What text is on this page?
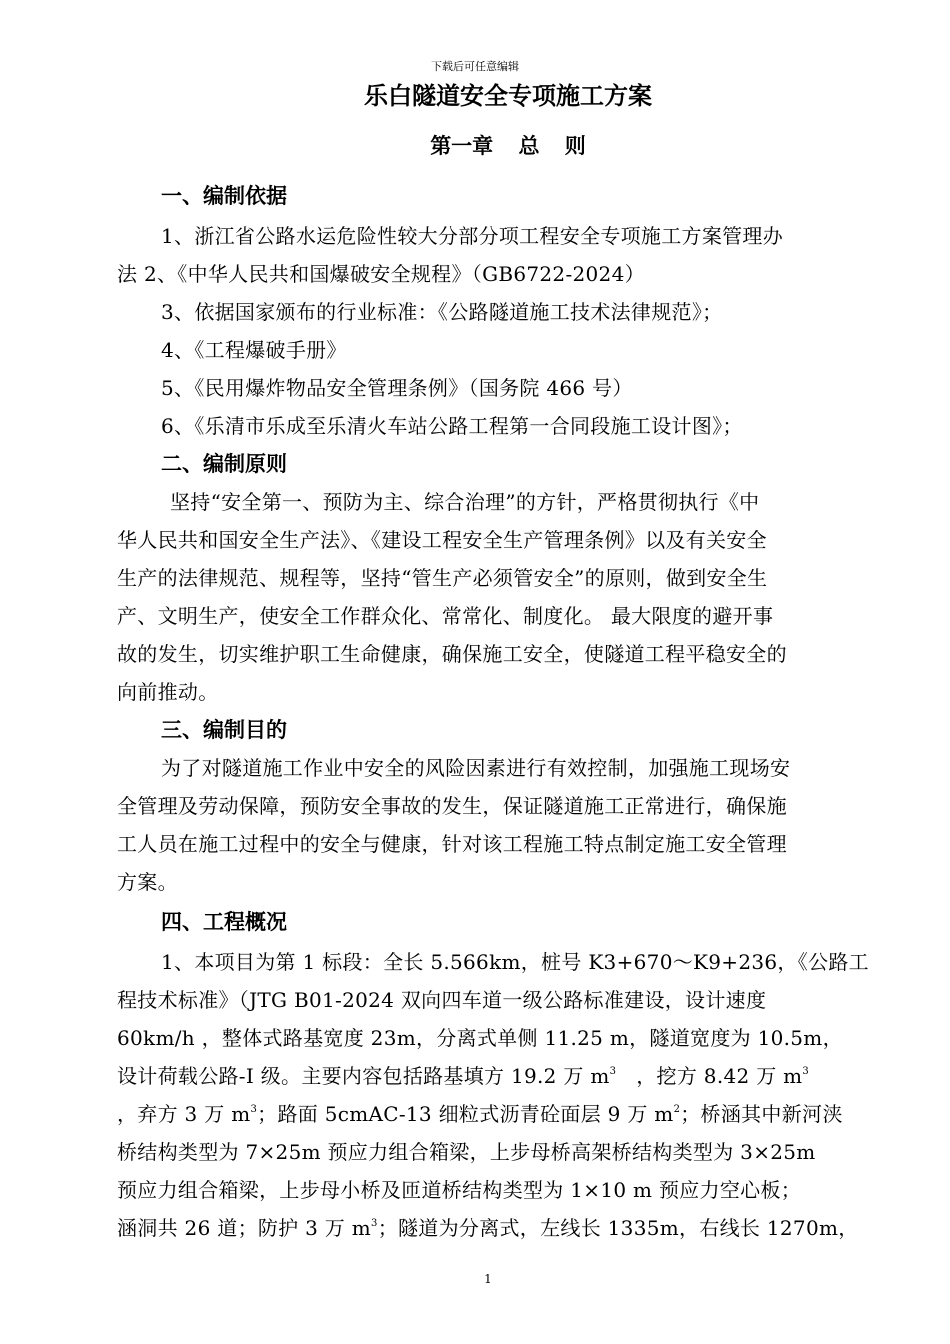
下载后可任意编辑
乐白隧道安全专项施工方案
第一章 总 则
一、编制依据
1、浙江省公路水运危险性较大分部分项工程安全专项施工方案管理办
法 2、《中华人民共和国爆破安全规程》（GB6722-2024）
3、依据国家颁布的行业标准：《公路隧道施工技术法律规范》；
4、《工程爆破手册》
5、《民用爆炸物品安全管理条例》（国务院 466 号）
6、《乐清市乐成至乐清火车站公路工程第一合同段施工设计图》；
二、编制原则
坚持“安全第一、预防为主、综合治理”的方针，严格贯彻执行《中
华人民共和国安全生产法》、《建设工程安全生产管理条例》以及有关安全
生产的法律规范、规程等，坚持“管生产必须管安全”的原则，做到安全生
产、文明生产，使安全工作群众化、常常化、制度化。 最大限度的避开事
故的发生，切实维护职工生命健康，确保施工安全，使隧道工程平稳安全的
向前推动。
三、编制目的
为了对隧道施工作业中安全的风险因素进行有效控制，加强施工现场安
全管理及劳动保障，预防安全事故的发生，保证隧道施工正常进行，确保施
工人员在施工过程中的安全与健康，针对该工程施工特点制定施工安全管理
方案。
四、工程概况
1、本项目为第 1 标段：全长 5.566km，桩号 K3+670～K9+236，《公路工
程技术标准》（JTG B01-2024 双向四车道一级公路标准建设，设计速度
60km/h ，整体式路基宽度 23m，分离式单侧 11.25 m，隧道宽度为 10.5m，
设计荷载公路-I 级。主要内容包括路基填方 19.2 万 $m^3$ ，挖方 8.42 万 $m^3$
，弃方 3 万 $m^3$；路面 5cmAC-13 细粒式沥青砼面层 9 万 $m^2$；桥涵其中新河浃
桥结构类型为 7×25m 预应力组合箱梁，上步母桥高架桥结构类型为 3×25m
预应力组合箱梁，上步母小桥及匝道桥结构类型为 1×10 m 预应力空心板；
涵洞共 26 道；防护 3 万 $m^3$；隧道为分离式，左线长 1335m，右线长 1270m，
1
